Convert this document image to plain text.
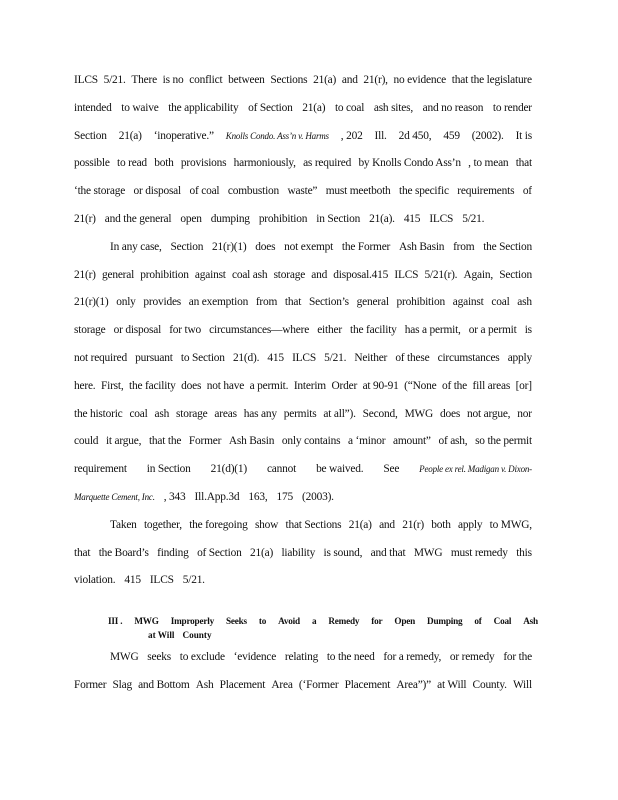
ILCS 5/21. There is no conflict between Sections 21(a) and 21(r), no evidence that the legislature
intended to waive the applicability of Section 21(a) to coal ash sites, and no reason to render
Section 21(a) ‘inoperative.” Knolls Condo. Ass’n v. Harms , 202 Ill. 2d 450, 459 (2002). It is
possible to read both provisions harmoniously, as required by Knolls Condo Ass’n , to mean that
‘the storage or disposal of coal combustion waste” must meetboth the specific requirements of
21(r) and the general open dumping prohibition in Section 21(a). 415 ILCS 5/21.
In any case, Section 21(r)(1) does not exempt the Former Ash Basin from the Section
21(r) general prohibition against coal ash storage and disposal.415 ILCS 5/21(r). Again, Section
21(r)(1) only provides an exemption from that Section’s general prohibition against coal ash
storage or disposal for two circumstances—where either the facility has a permit, or a permit is
not required pursuant to Section 21(d). 415 ILCS 5/21. Neither of these circumstances apply
here. First, the facility does not have a permit. Interim Order at 90-91 (“None of the fill areas [or]
the historic coal ash storage areas has any permits at all”). Second, MWG does not argue, nor
could it argue, that the Former Ash Basin only contains a ‘minor amount” of ash, so the permit
requirement in Section 21(d)(1) cannot be waived. See People ex rel. Madigan v. Dixon-
Marquette Cement, Inc. , 343 Ill.App.3d 163, 175 (2003).
Taken together, the foregoing show that Sections 21(a) and 21(r) both apply to MWG,
that the Board’s finding of Section 21(a) liability is sound, and that MWG must remedy this
violation. 415 ILCS 5/21.
III . MWG Improperly Seeks to Avoid a Remedy for Open Dumping of Coal Ash
at Will County
MWG seeks to exclude ‘evidence relating to the need for a remedy, or remedy for the
Former Slag and Bottom Ash Placement Area (‘Former Placement Area”)” at Will County. Will
